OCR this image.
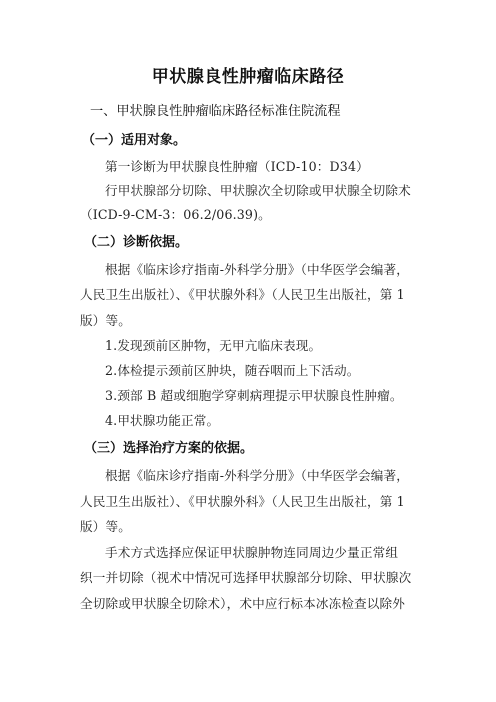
甲状腺良性肿瘤临床路径
一、甲状腺良性肿瘤临床路径标准住院流程
（一）适用对象。
第一诊断为甲状腺良性肿瘤（ICD-10：D34）
行甲状腺部分切除、甲状腺次全切除或甲状腺全切除术
（ICD-9-CM-3：06.2/06.39)。
（二）诊断依据。
根据《临床诊疗指南-外科学分册》（中华医学会编著，
人民卫生出版社）、《甲状腺外科》（人民卫生出版社，第 1
版）等。
1.发现颈前区肿物，无甲亢临床表现。
2.体检提示颈前区肿块，随吞咽而上下活动。
3.颈部 B 超或细胞学穿刺病理提示甲状腺良性肿瘤。
4.甲状腺功能正常。
（三）选择治疗方案的依据。
根据《临床诊疗指南-外科学分册》（中华医学会编著，
人民卫生出版社）、《甲状腺外科》（人民卫生出版社，第 1
版）等。
手术方式选择应保证甲状腺肿物连同周边少量正常组
织一并切除（视术中情况可选择甲状腺部分切除、甲状腺次
全切除或甲状腺全切除术），术中应行标本冰冻检查以除外
